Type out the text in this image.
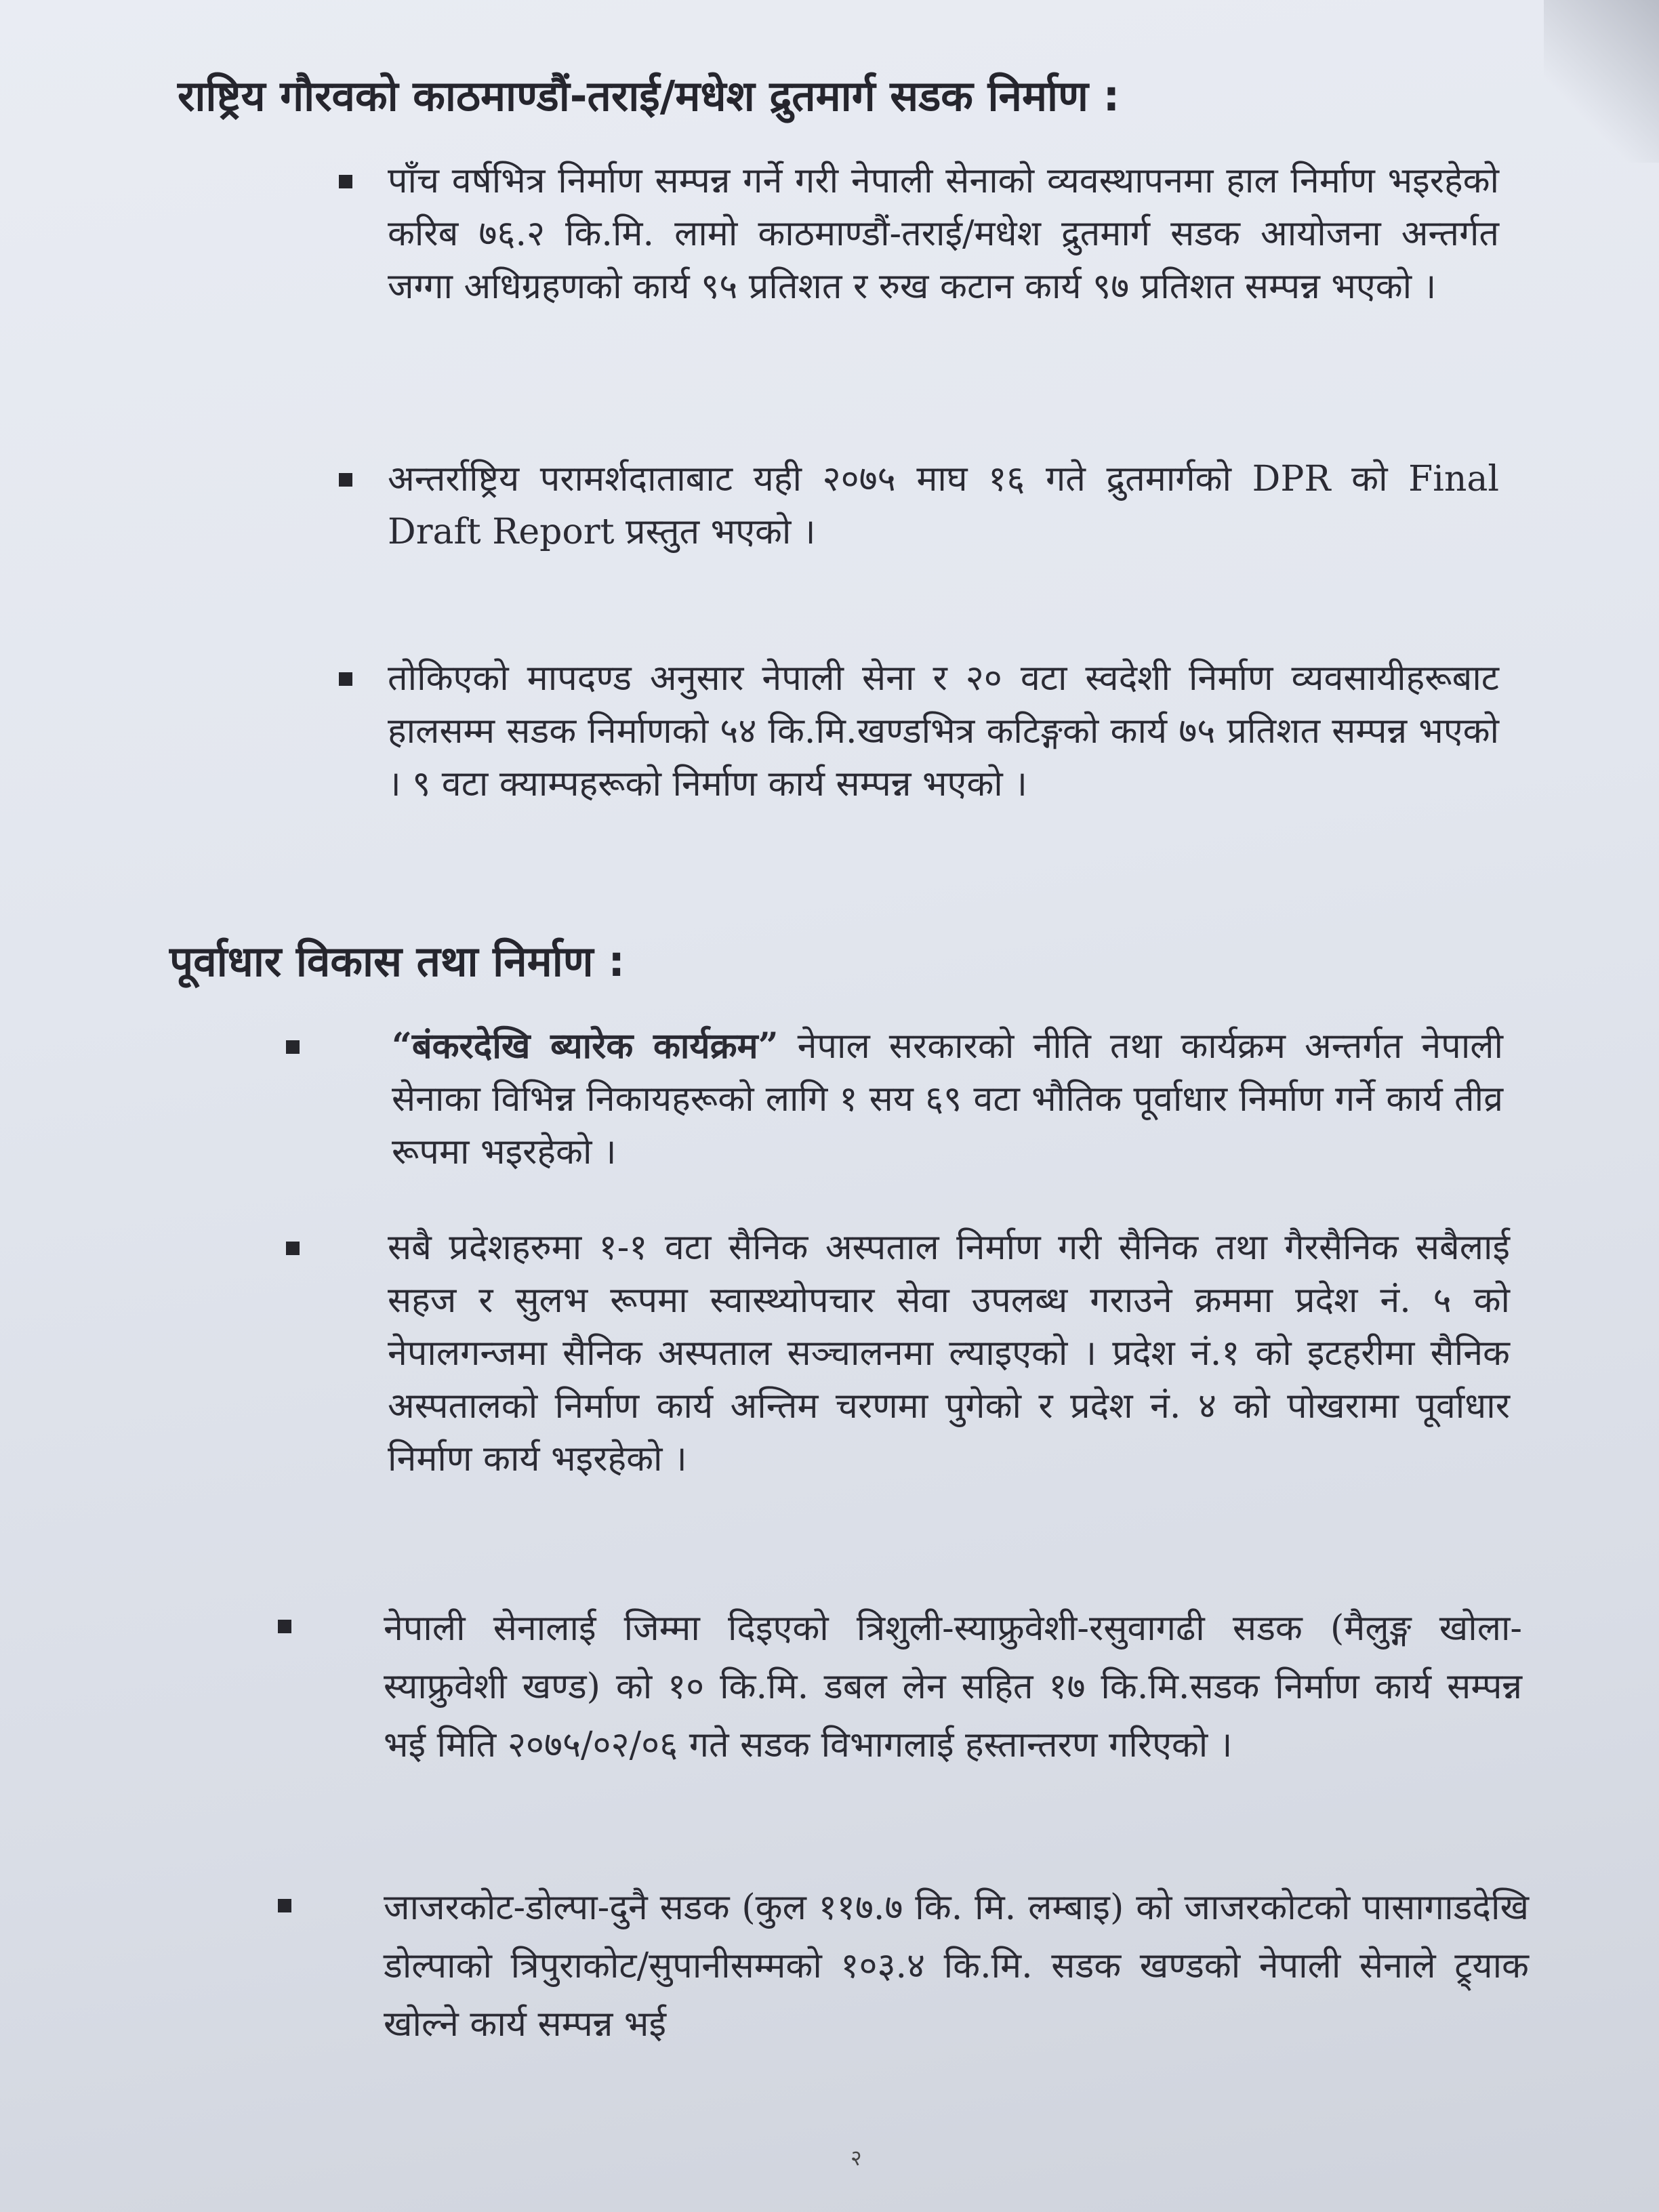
राष्ट्रिय गौरवको काठमाण्डौं-तराई/मधेश द्रुतमार्ग सडक निर्माण :
पाँच वर्षभित्र निर्माण सम्पन्न गर्ने गरी नेपाली सेनाको व्यवस्थापनमा हाल निर्माण भइरहेको करिब ७६.२ कि.मि. लामो काठमाण्डौं-तराई/मधेश द्रुतमार्ग सडक आयोजना अन्तर्गत जग्गा अधिग्रहणको कार्य ९५ प्रतिशत र रुख कटान कार्य ९७ प्रतिशत सम्पन्न भएको ।
अन्तर्राष्ट्रिय परामर्शदाताबाट यही २०७५ माघ १६ गते द्रुतमार्गको DPR को Final Draft Report प्रस्तुत भएको ।
तोकिएको मापदण्ड अनुसार नेपाली सेना र २० वटा स्वदेशी निर्माण व्यवसायीहरूबाट हालसम्म सडक निर्माणको ५४ कि.मि.खण्डभित्र कटिङ्गको कार्य ७५ प्रतिशत सम्पन्न भएको । ९ वटा क्याम्पहरूको निर्माण कार्य सम्पन्न भएको ।
पूर्वाधार विकास तथा निर्माण :
“बंकरदेखि ब्यारेक कार्यक्रम” नेपाल सरकारको नीति तथा कार्यक्रम अन्तर्गत नेपाली सेनाका विभिन्न निकायहरूको लागि १ सय ६९ वटा भौतिक पूर्वाधार निर्माण गर्ने कार्य तीव्र रूपमा भइरहेको ।
सबै प्रदेशहरुमा १-१ वटा सैनिक अस्पताल निर्माण गरी सैनिक तथा गैरसैनिक सबैलाई सहज र सुलभ रूपमा स्वास्थ्योपचार सेवा उपलब्ध गराउने क्रममा प्रदेश नं. ५ को नेपालगन्जमा सैनिक अस्पताल सञ्चालनमा ल्याइएको । प्रदेश नं.१ को इटहरीमा सैनिक अस्पतालको निर्माण कार्य अन्तिम चरणमा पुगेको र प्रदेश नं. ४ को पोखरामा पूर्वाधार निर्माण कार्य भइरहेको ।
नेपाली सेनालाई जिम्मा दिइएको त्रिशुली-स्याफ्रुवेशी-रसुवागढी सडक (मैलुङ्ग खोला-स्याफ्रुवेशी खण्ड) को १० कि.मि. डबल लेन सहित १७ कि.मि.सडक निर्माण कार्य सम्पन्न भई मिति २०७५/०२/०६ गते सडक विभागलाई हस्तान्तरण गरिएको ।
जाजरकोट-डोल्पा-दुनै सडक (कुल ११७.७ कि. मि. लम्बाइ) को जाजरकोटको पासागाडदेखि डोल्पाको त्रिपुराकोट/सुपानीसम्मको १०३.४ कि.मि. सडक खण्डको नेपाली सेनाले ट्र्याक खोल्ने कार्य सम्पन्न भई
२
